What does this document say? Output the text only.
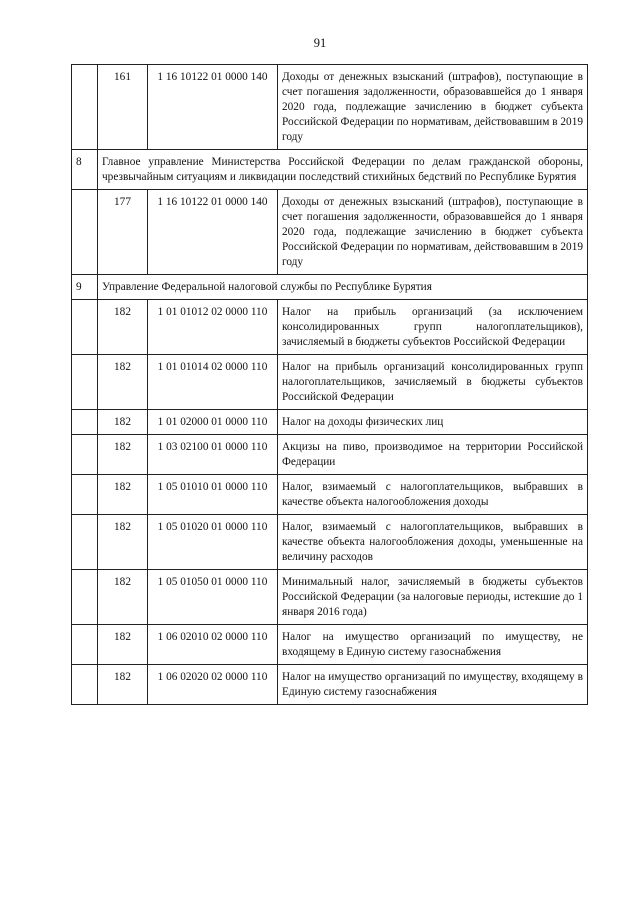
91
	161	1 16 10122 01 0000 140	Доходы от денежных взысканий (штрафов), поступающие в счет погашения задолженности, образовавшейся до 1 января 2020 года, подлежащие зачислению в бюджет субъекта Российской Федерации по нормативам, действовавшим в 2019 году
8	Главное управление Министерства Российской Федерации по делам гражданской обороны, чрезвычайным ситуациям и ликвидации последствий стихийных бедствий по Республике Бурятия		
	177	1 16 10122 01 0000 140	Доходы от денежных взысканий (штрафов), поступающие в счет погашения задолженности, образовавшейся до 1 января 2020 года, подлежащие зачислению в бюджет субъекта Российской Федерации по нормативам, действовавшим в 2019 году
9	Управление Федеральной налоговой службы по Республике Бурятия		
	182	1 01 01012 02 0000 110	Налог на прибыль организаций (за исключением консолидированных групп налогоплательщиков), зачисляемый в бюджеты субъектов Российской Федерации
	182	1 01 01014 02 0000 110	Налог на прибыль организаций консолидированных групп налогоплательщиков, зачисляемый в бюджеты субъектов Российской Федерации
	182	1 01 02000 01 0000 110	Налог на доходы физических лиц
	182	1 03 02100 01 0000 110	Акцизы на пиво, производимое на территории Российской Федерации
	182	1 05 01010 01 0000 110	Налог, взимаемый с налогоплательщиков, выбравших в качестве объекта налогообложения доходы
	182	1 05 01020 01 0000 110	Налог, взимаемый с налогоплательщиков, выбравших в качестве объекта налогообложения доходы, уменьшенные на величину расходов
	182	1 05 01050 01 0000 110	Минимальный налог, зачисляемый в бюджеты субъектов Российской Федерации (за налоговые периоды, истекшие до 1 января 2016 года)
	182	1 06 02010 02 0000 110	Налог на имущество организаций по имуществу, не входящему в Единую систему газоснабжения
	182	1 06 02020 02 0000 110	Налог на имущество организаций по имуществу, входящему в Единую систему газоснабжения
